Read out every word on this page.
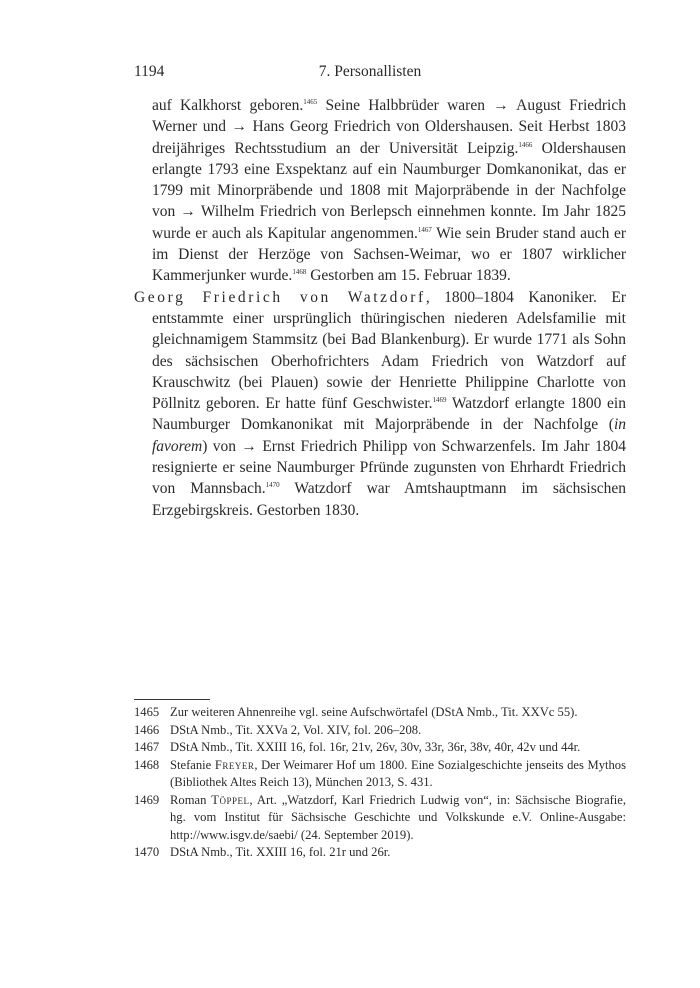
1194	7. Personallisten

auf Kalkhorst geboren.$^{1465}$ Seine Halbbrüder waren → August Friedrich Werner und → Hans Georg Friedrich von Oldershausen. Seit Herbst 1803 dreijähriges Rechtsstudium an der Universität Leipzig.$^{1466}$ Oldershausen erlangte 1793 eine Exspektanz auf ein Naumburger Domkanonikat, das er 1799 mit Minorpräbende und 1808 mit Majorpräbende in der Nachfolge von → Wilhelm Friedrich von Berlepsch einnehmen konnte. Im Jahr 1825 wurde er auch als Kapitular angenommen.$^{1467}$ Wie sein Bruder stand auch er im Dienst der Herzöge von Sachsen-Weimar, wo er 1807 wirklicher Kammerjunker wurde.$^{1468}$ Gestorben am 15. Februar 1839.

Georg Friedrich von Watzdorf, 1800–1804 Kanoniker. Er entstammte einer ursprünglich thüringischen niederen Adelsfamilie mit gleichnamigem Stammsitz (bei Bad Blankenburg). Er wurde 1771 als Sohn des sächsischen Oberhofrichters Adam Friedrich von Watzdorf auf Krauschwitz (bei Plauen) sowie der Henriette Philippine Charlotte von Pöllnitz geboren. Er hatte fünf Geschwister.$^{1469}$ Watzdorf erlangte 1800 ein Naumburger Domkanonikat mit Majorpräbende in der Nachfolge (in favorem) von → Ernst Friedrich Philipp von Schwarzenfels. Im Jahr 1804 resignierte er seine Naumburger Pfründe zugunsten von Ehrhardt Friedrich von Mannsbach.$^{1470}$ Watzdorf war Amtshauptmann im sächsischen Erzgebirgskreis. Gestorben 1830.

1465 Zur weiteren Ahnenreihe vgl. seine Aufschwörtafel (DStA Nmb., Tit. XXVc 55).
1466 DStA Nmb., Tit. XXVa 2, Vol. XIV, fol. 206–208.
1467 DStA Nmb., Tit. XXIII 16, fol. 16r, 21v, 26v, 30v, 33r, 36r, 38v, 40r, 42v und 44r.
1468 Stefanie Freyer, Der Weimarer Hof um 1800. Eine Sozialgeschichte jenseits des Mythos (Bibliothek Altes Reich 13), München 2013, S. 431.
1469 Roman Töppel, Art. „Watzdorf, Karl Friedrich Ludwig von“, in: Sächsische Biografie, hg. vom Institut für Sächsische Geschichte und Volkskunde e.V. Online-Ausgabe: http://www.isgv.de/saebi/ (24. September 2019).
1470 DStA Nmb., Tit. XXIII 16, fol. 21r und 26r.
